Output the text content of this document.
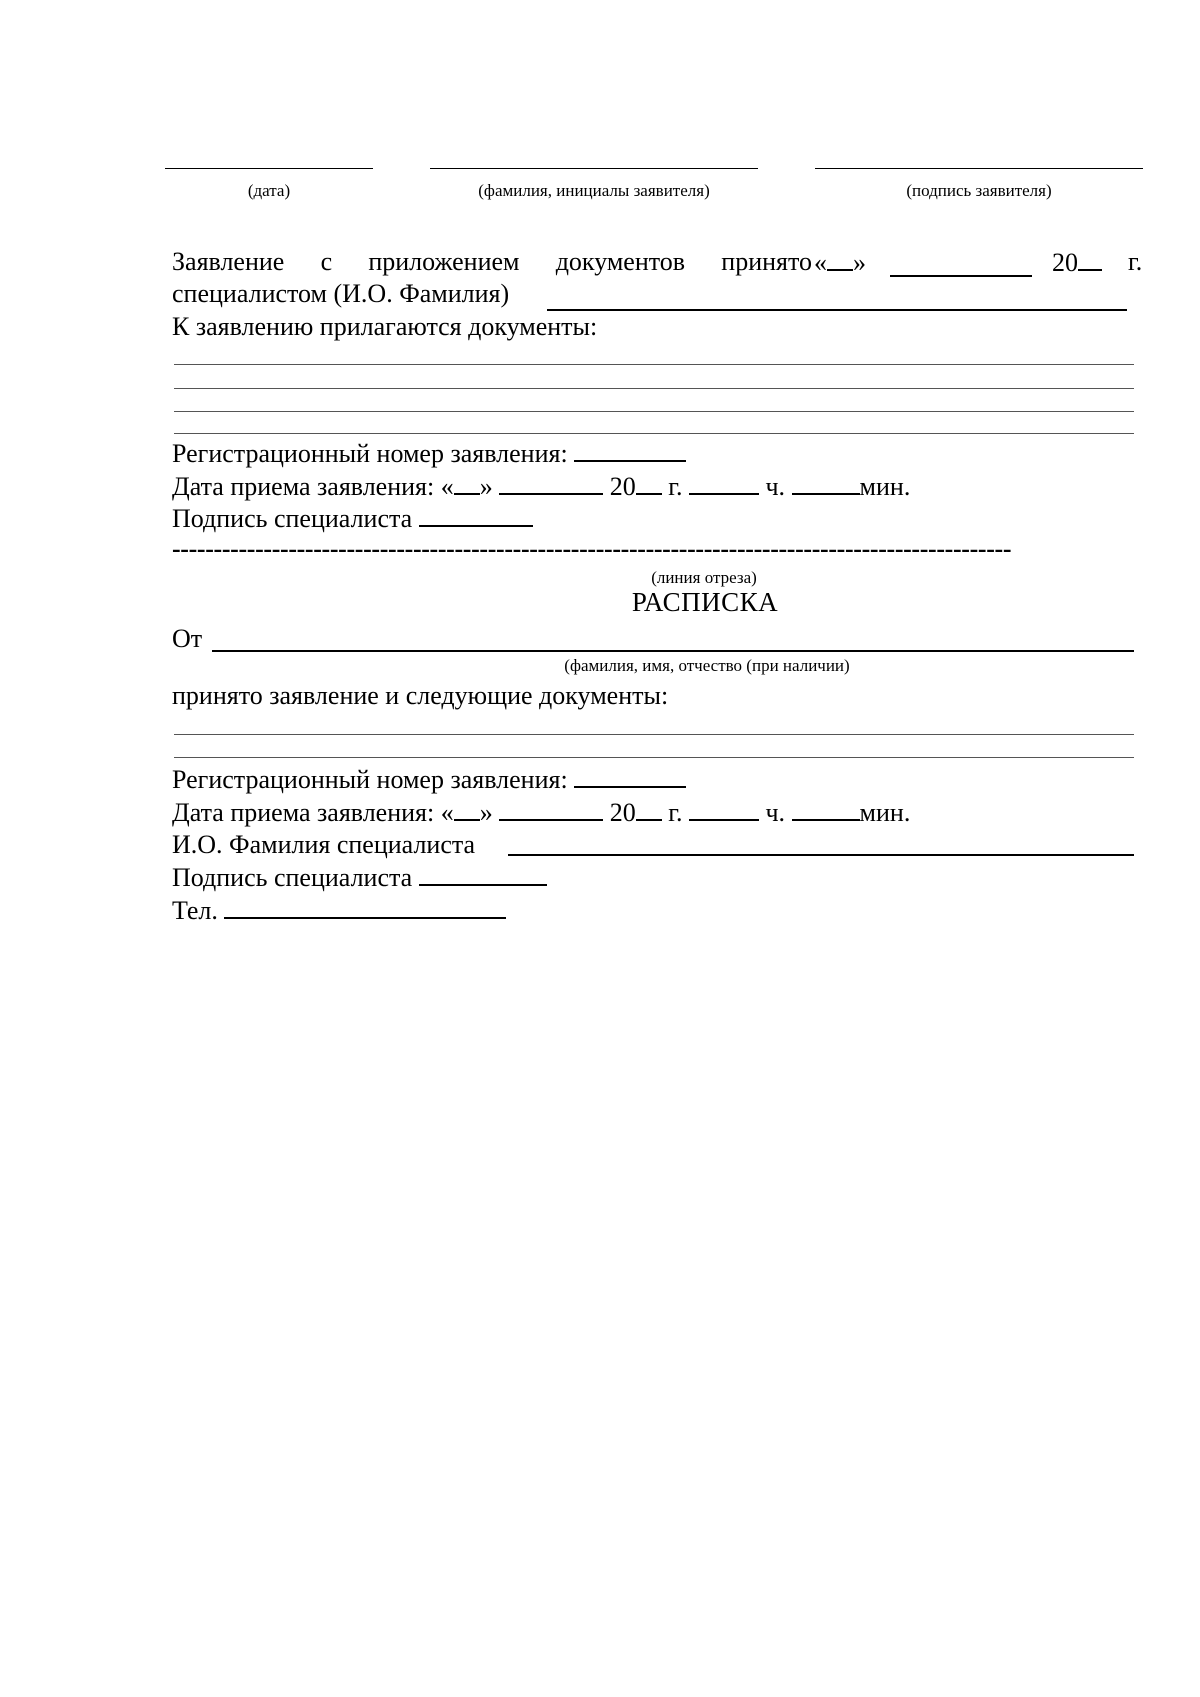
(дата)	(фамилия, инициалы заявителя)	(подпись заявителя)
Заявление с приложением документов принято « »	20	г.
специалистом (И.О. Фамилия)
К заявлению прилагаются документы:
Регистрационный номер заявления:
Дата приема заявления: « »	20 г.	ч.	мин.
Подпись специалиста
-----------------------------------------------------------------------------------------------------
(линия отреза)
РАСПИСКА
От
(фамилия, имя, отчество (при наличии)
принято заявление и следующие документы:
Регистрационный номер заявления:
Дата приема заявления: « »	20 г.	ч.	мин.
И.О. Фамилия специалиста
Подпись специалиста
Тел.
